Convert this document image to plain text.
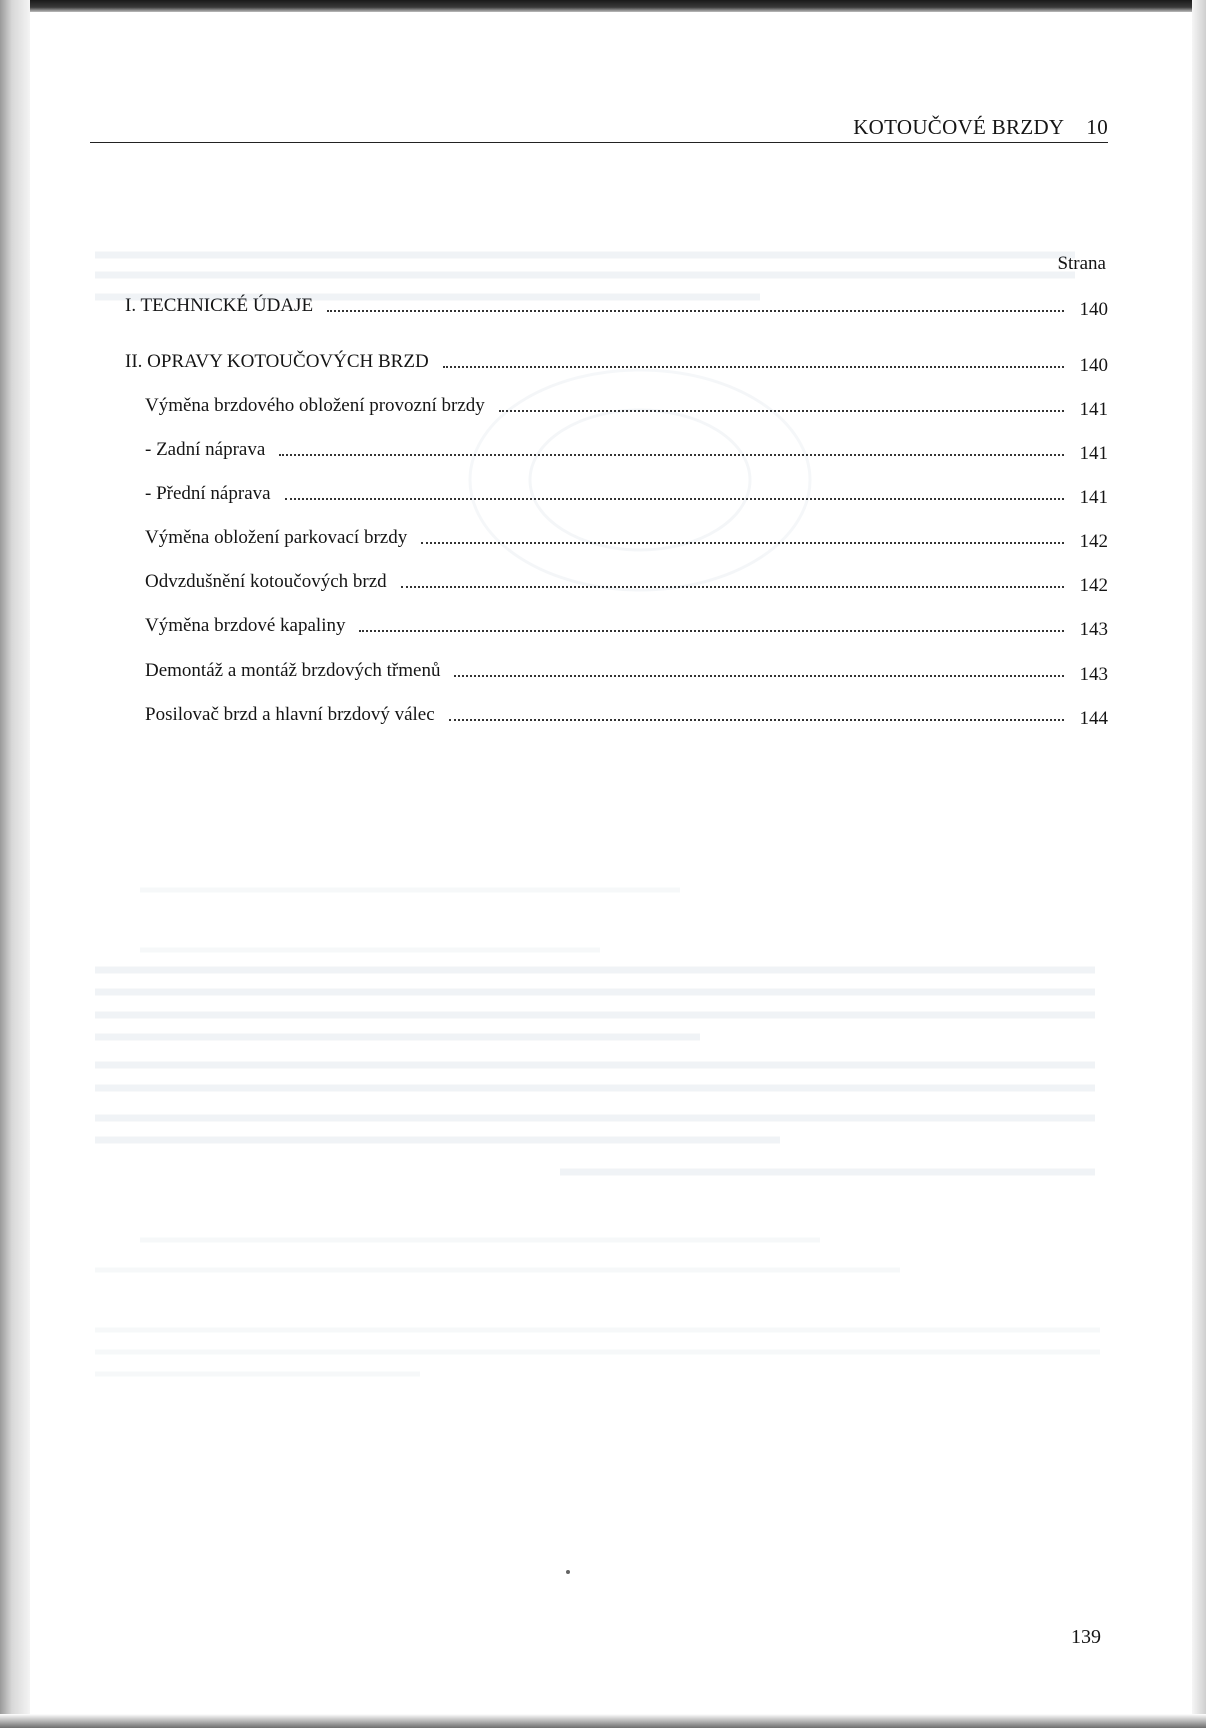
KOTOUČOVÉ BRZDY 10
Strana
I. TECHNICKÉ ÚDAJE	140
II. OPRAVY KOTOUČOVÝCH BRZD	140
Výměna brzdového obložení provozní brzdy	141
- Zadní náprava	141
- Přední náprava	141
Výměna obložení parkovací brzdy	142
Odvzdušnění kotoučových brzd	142
Výměna brzdové kapaliny	143
Demontáž a montáž brzdových třmenů	143
Posilovač brzd a hlavní brzdový válec	144
139
